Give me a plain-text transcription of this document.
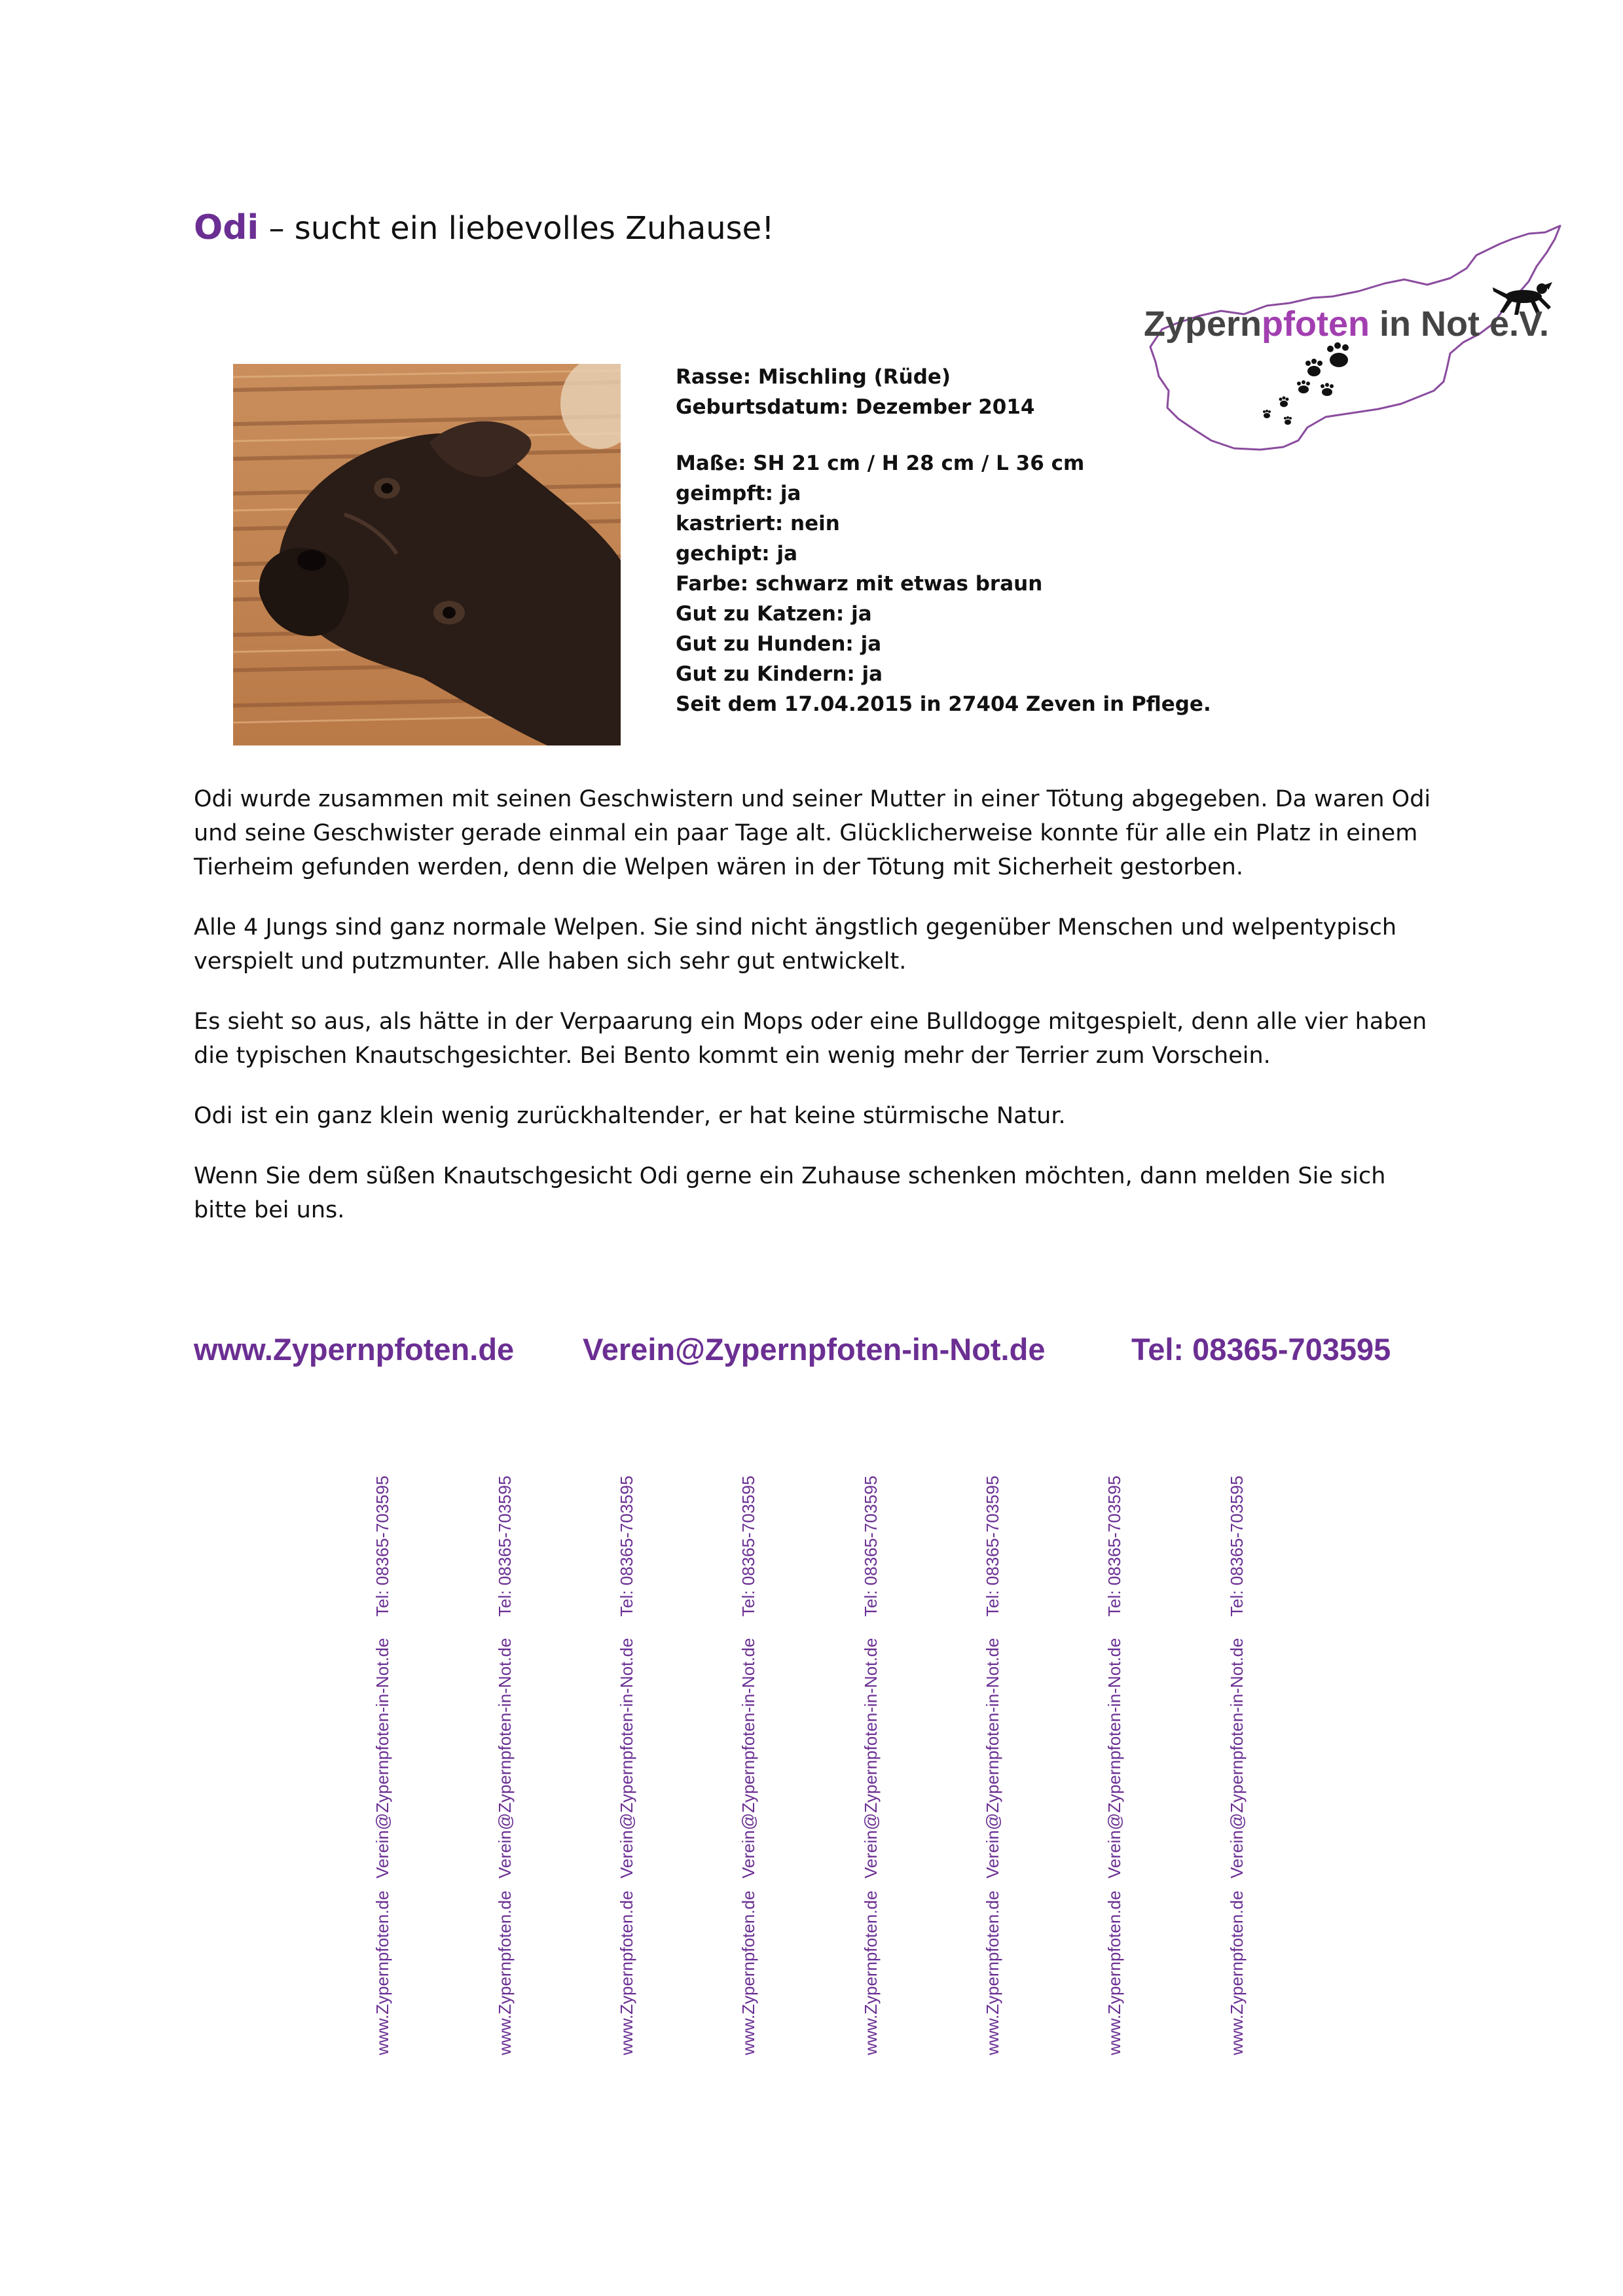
Odi – sucht ein liebevolles Zuhause!
Zypernpfoten in Not e.V.
Rasse: Mischling (Rüde)
Geburtsdatum: Dezember 2014
Maße: SH 21 cm / H 28 cm / L 36 cm
geimpft: ja
kastriert: nein
gechipt: ja
Farbe: schwarz mit etwas braun
Gut zu Katzen: ja
Gut zu Hunden: ja
Gut zu Kindern: ja
Seit dem 17.04.2015 in 27404 Zeven in Pflege.

Odi wurde zusammen mit seinen Geschwistern und seiner Mutter in einer Tötung abgegeben. Da waren Odi und seine Geschwister gerade einmal ein paar Tage alt. Glücklicherweise konnte für alle ein Platz in einem Tierheim gefunden werden, denn die Welpen wären in der Tötung mit Sicherheit gestorben.

Alle 4 Jungs sind ganz normale Welpen. Sie sind nicht ängstlich gegenüber Menschen und welpentypisch verspielt und putzmunter. Alle haben sich sehr gut entwickelt.

Es sieht so aus, als hätte in der Verpaarung ein Mops oder eine Bulldogge mitgespielt, denn alle vier haben die typischen Knautschgesichter. Bei Bento kommt ein wenig mehr der Terrier zum Vorschein.

Odi ist ein ganz klein wenig zurückhaltender, er hat keine stürmische Natur.

Wenn Sie dem süßen Knautschgesicht Odi gerne ein Zuhause schenken möchten, dann melden Sie sich bitte bei uns.

www.Zypernpfoten.de Verein@Zypernpfoten-in-Not.de	Tel: 08365-703595
www.Zypernpfoten.de
Verein@Zypernpfoten-in-Not.de
Tel: 08365-703595
www.Zypernpfoten.de
Verein@Zypernpfoten-in-Not.de
Tel: 08365-703595
www.Zypernpfoten.de
Verein@Zypernpfoten-in-Not.de
Tel: 08365-703595
www.Zypernpfoten.de
Verein@Zypernpfoten-in-Not.de
Tel: 08365-703595
www.Zypernpfoten.de
Verein@Zypernpfoten-in-Not.de
Tel: 08365-703595
www.Zypernpfoten.de
Verein@Zypernpfoten-in-Not.de
Tel: 08365-703595
www.Zypernpfoten.de
Verein@Zypernpfoten-in-Not.de
Tel: 08365-703595
www.Zypernpfoten.de
Verein@Zypernpfoten-in-Not.de
Tel: 08365-703595
